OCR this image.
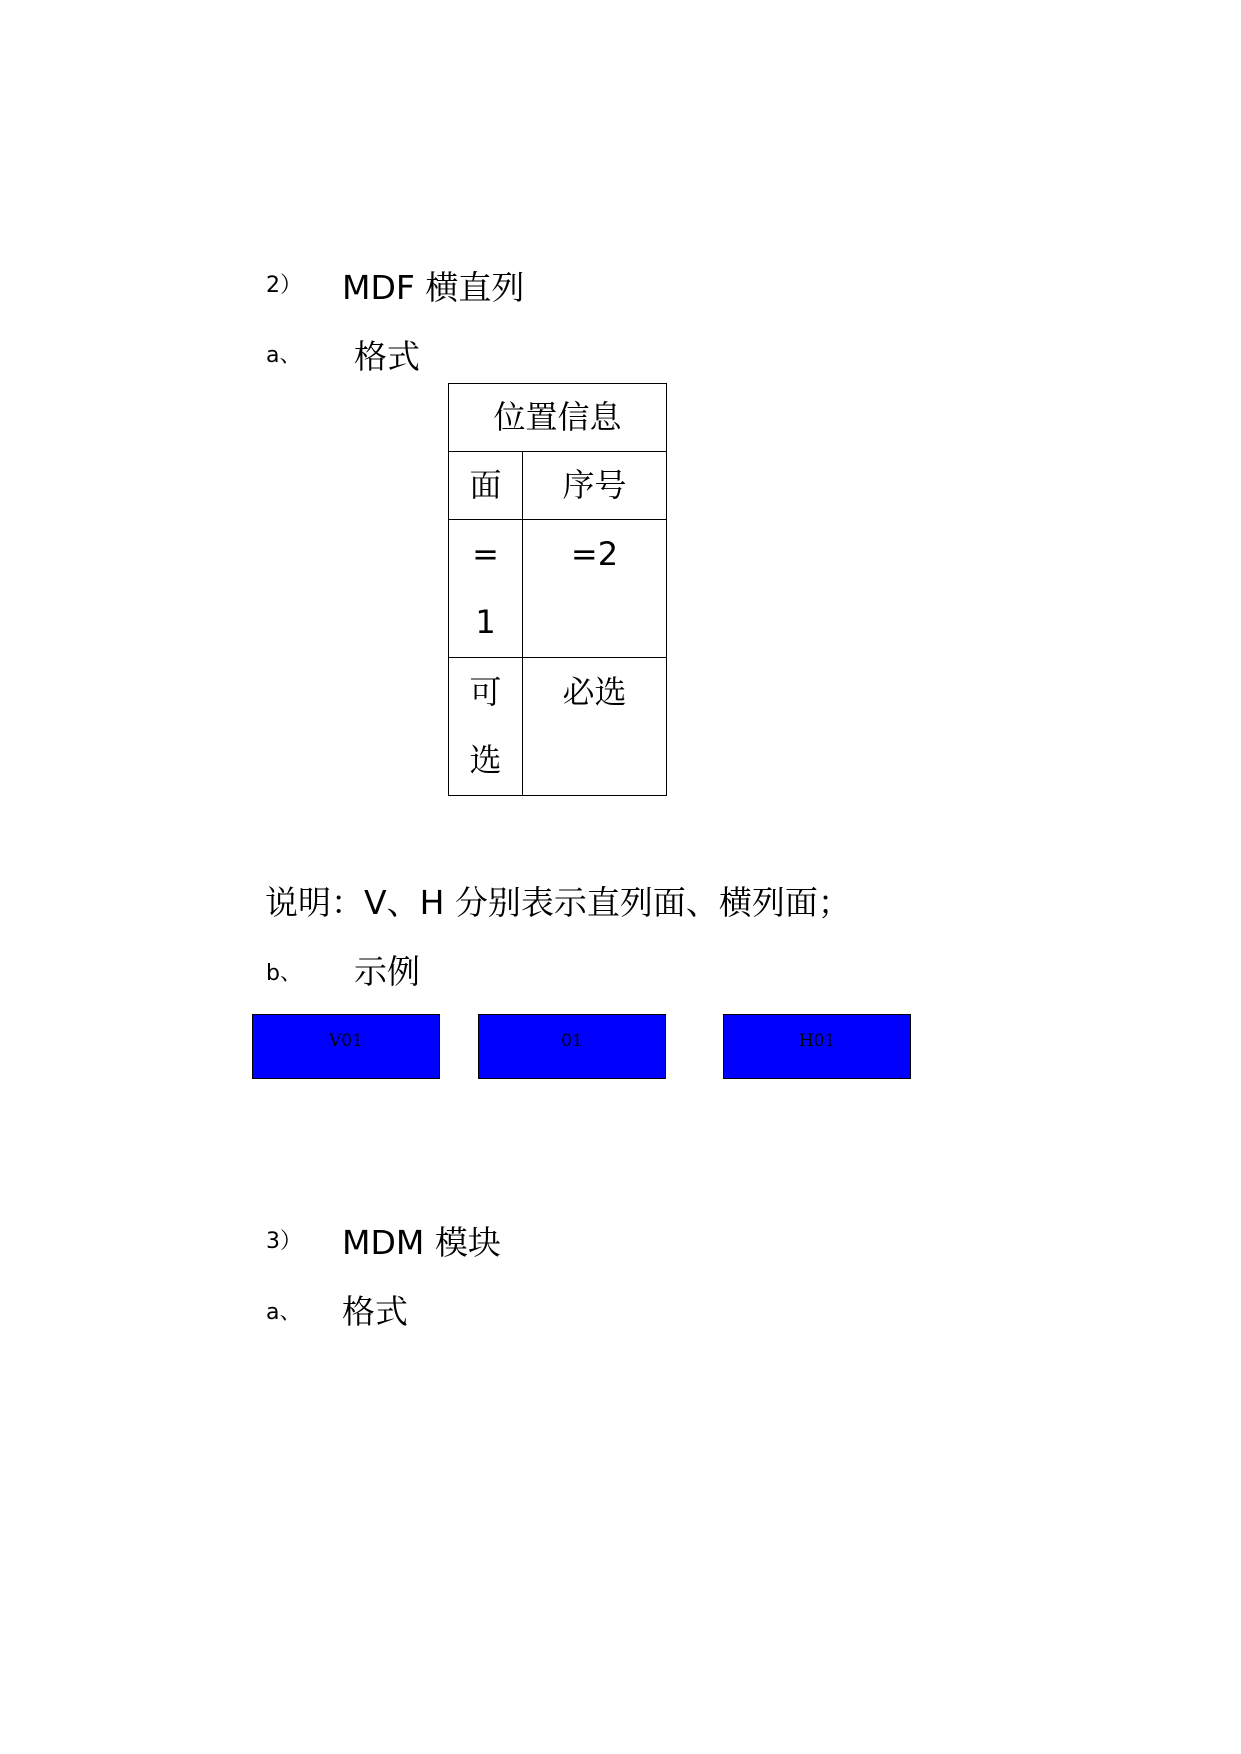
2） MDF 横直列
a、 格式
位置信息	
面	序号

=1	=2

可选	必选
说明：V、H 分别表示直列面、横列面；
b、 示例
V01	01	H01
3） MDM 模块
a、 格式
